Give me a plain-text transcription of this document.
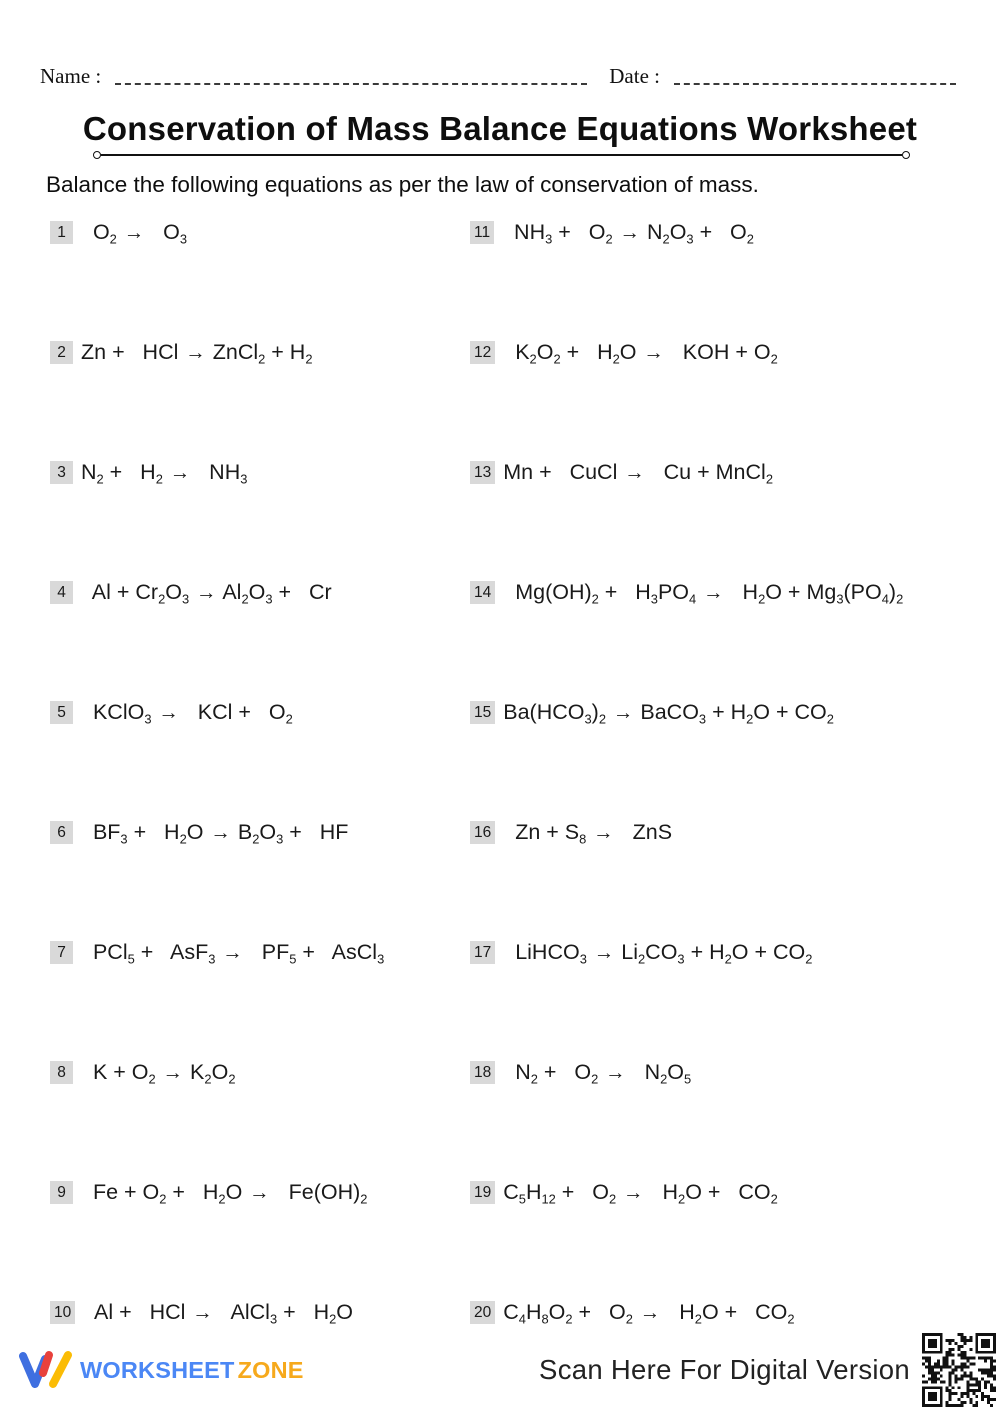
Name :	Date :
Conservation of Mass Balance Equations Worksheet
Balance the following equations as per the law of conservation of mass.
1 $O_2 \to O_3$
2 Zn +   HCl → ZnCl$_2$ + $H_2$
3 $N_2 + H_2 \to NH_3$
4 $Al + Cr_2O_3 \to Al_2O_3 + Cr$
5 KClO$_3$ →   KCl +   $O_2$
6 $BF_3 + H_2O \to B_2O_3$ +   HF
7 $PCl_5 + AsF_3 \to PF_5$ +   AsCl$_3$
8 $K + O_2 \to K_2O_2$
9 $Fe + O_2 + H_2O \to Fe(OH)_2$
10 Al +   HCl →   AlCl$_3$ +   $H_2O$
11 $NH_3 + O_2 \to N_2O_3 + O_2$
12 $K_2O_2 + H_2O$ →   KOH + $O_2$
13 Mn +   CuCl →   Cu + MnCl$_2$
14 $Mg(OH)_2 + H_3PO_4 \to H_2O + Mg_3(PO_4)_2$
15 $Ba(HCO_3)_2$ → BaCO$_3$ + $H_2O + CO_2$
16 $Zn + S_8$ →   ZnS
17 LiHCO$_3$ → $Li_2CO_3 + H_2O + CO_2$
18 $N_2 + O_2 \to N_2O_5$
19 $C_5H_{12} + O_2 \to H_2O + CO_2$
20 $C_4H_8O_2 + O_2 \to H_2O + CO_2$
WORKSHEET ZONE	Scan Here For Digital Version
